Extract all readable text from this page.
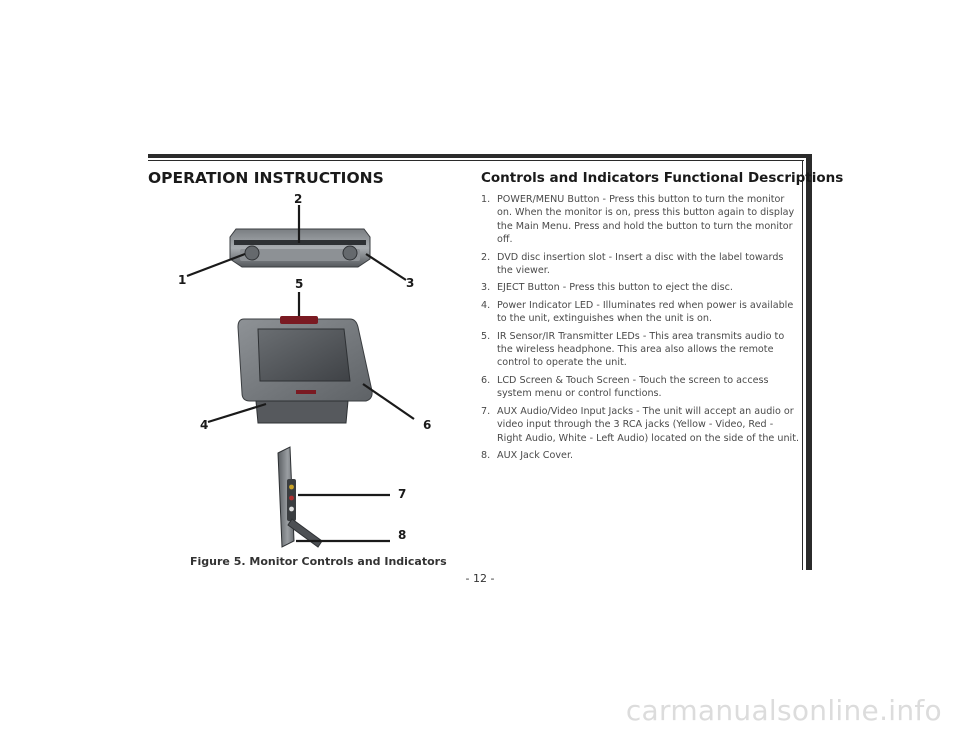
OPERATION INSTRUCTIONS
1
2
3
4
5
6
7
8

Figure 5. Monitor Controls and Indicators

Controls and Indicators Functional Descriptions
1. POWER/MENU Button - Press this button to turn the monitor on. When the monitor is on, press this button again to display the Main Menu. Press and hold the button to turn the monitor off.
2. DVD disc insertion slot - Insert a disc with the label towards the viewer.
3. EJECT Button - Press this button to eject the disc.
4. Power Indicator LED - Illuminates red when power is available to the unit, extinguishes when the unit is on.
5. IR Sensor/IR Transmitter LEDs - This area transmits audio to the wireless headphone. This area also allows the remote control to operate the unit.
6. LCD Screen & Touch Screen - Touch the screen to access system menu or control functions.
7. AUX Audio/Video Input Jacks - The unit will accept an audio or video input through the 3 RCA jacks (Yellow - Video, Red - Right Audio, White - Left Audio) located on the side of the unit.
8. AUX Jack Cover.
- 12 -
carmanualsonline.info
